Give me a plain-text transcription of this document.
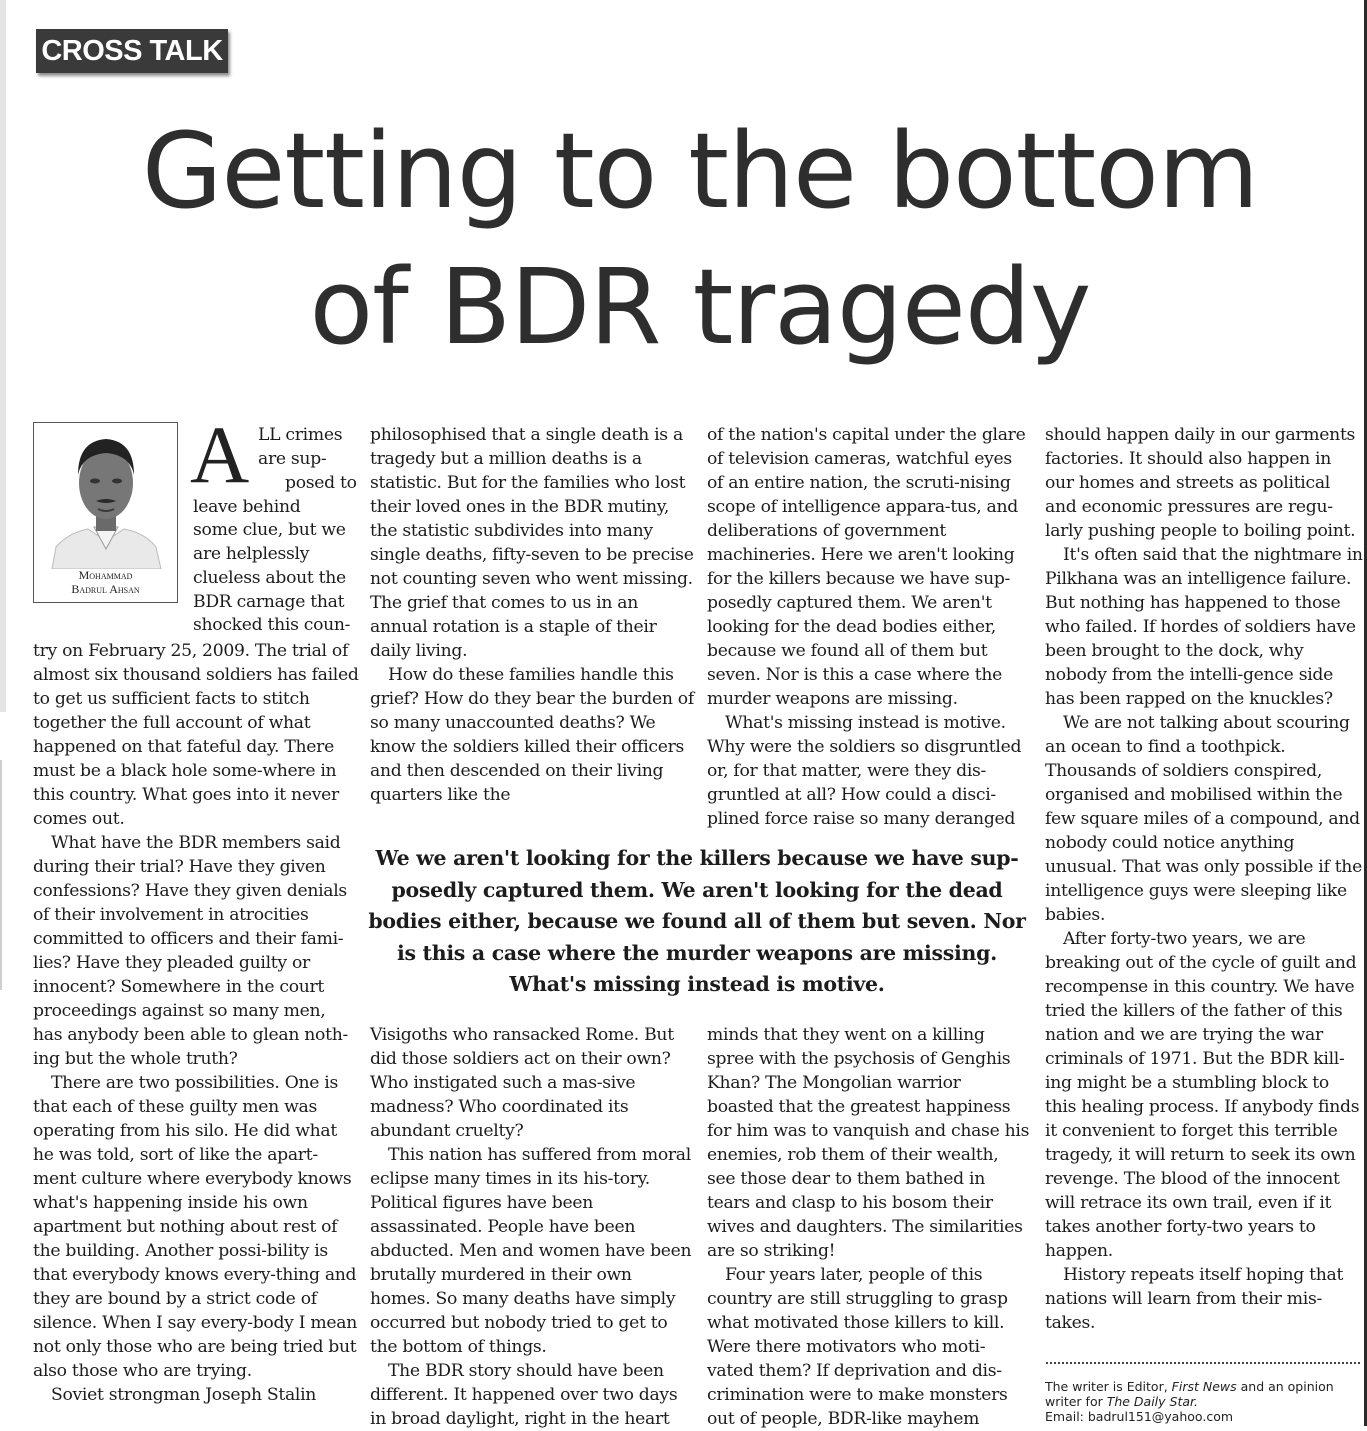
CROSS TALK
Getting to the bottom
of BDR tragedy
Mohammad
Badrul Ahsan
A LL crimes
are sup-
posed to
leave behind
some clue, but we
are helplessly
clueless about the
BDR carnage that
shocked this coun-

try on February 25, 2009. The trial of almost six thousand soldiers has failed to get us sufficient facts to stitch together the full account of what happened on that fateful day. There must be a black hole some-where in this country. What goes into it never comes out.

What have the BDR members said during their trial? Have they given confessions? Have they given denials of their involvement in atrocities committed to officers and their fami-lies? Have they pleaded guilty or innocent? Somewhere in the court proceedings against so many men, has anybody been able to glean noth-ing but the whole truth?

There are two possibilities. One is that each of these guilty men was operating from his silo. He did what he was told, sort of like the apart-ment culture where everybody knows what's happening inside his own apartment but nothing about rest of the building. Another possi-bility is that everybody knows every-thing and they are bound by a strict code of silence. When I say every-body I mean not only those who are being tried but also those who are trying.

Soviet strongman Joseph Stalin

philosophised that a single death is a tragedy but a million deaths is a statistic. But for the families who lost their loved ones in the BDR mutiny, the statistic subdivides into many single deaths, fifty-seven to be precise not counting seven who went missing. The grief that comes to us in an annual rotation is a staple of their daily living.

How do these families handle this grief? How do they bear the burden of so many unaccounted deaths? We know the soldiers killed their officers and then descended on their living quarters like the

of the nation's capital under the glare of television cameras, watchful eyes of an entire nation, the scruti-nising scope of intelligence appara-tus, and deliberations of government machineries. Here we aren't looking for the killers because we have sup-posedly captured them. We aren't looking for the dead bodies either, because we found all of them but seven. Nor is this a case where the murder weapons are missing.

What's missing instead is motive. Why were the soldiers so disgruntled or, for that matter, were they dis-gruntled at all? How could a disci-plined force raise so many deranged

We we aren't looking for the killers because we have sup-posedly captured them. We aren't looking for the dead bodies either, because we found all of them but seven. Nor is this a case where the murder weapons are missing. What's missing instead is motive.

Visigoths who ransacked Rome. But did those soldiers act on their own? Who instigated such a mas-sive madness? Who coordinated its abundant cruelty?

This nation has suffered from moral eclipse many times in its his-tory. Political figures have been assassinated. People have been abducted. Men and women have been brutally murdered in their own homes. So many deaths have simply occurred but nobody tried to get to the bottom of things.

The BDR story should have been different. It happened over two days in broad daylight, right in the heart

minds that they went on a killing spree with the psychosis of Genghis Khan? The Mongolian warrior boasted that the greatest happiness for him was to vanquish and chase his enemies, rob them of their wealth, see those dear to them bathed in tears and clasp to his bosom their wives and daughters. The similarities are so striking!

Four years later, people of this country are still struggling to grasp what motivated those killers to kill. Were there motivators who moti-vated them? If deprivation and dis-crimination were to make monsters out of people, BDR-like mayhem

should happen daily in our garments factories. It should also happen in our homes and streets as political and economic pressures are regu-larly pushing people to boiling point.

It's often said that the nightmare in Pilkhana was an intelligence failure. But nothing has happened to those who failed. If hordes of soldiers have been brought to the dock, why nobody from the intelli-gence side has been rapped on the knuckles?

We are not talking about scouring an ocean to find a toothpick. Thousands of soldiers conspired, organised and mobilised within the few square miles of a compound, and nobody could notice anything unusual. That was only possible if the intelligence guys were sleeping like babies.

After forty-two years, we are breaking out of the cycle of guilt and recompense in this country. We have tried the killers of the father of this nation and we are trying the war criminals of 1971. But the BDR kill-ing might be a stumbling block to this healing process. If anybody finds it convenient to forget this terrible tragedy, it will return to seek its own revenge. The blood of the innocent will retrace its own trail, even if it takes another forty-two years to happen.

History repeats itself hoping that nations will learn from their mis-takes.

The writer is Editor, First News and an opinion
writer for The Daily Star.
Email: badrul151@yahoo.com
